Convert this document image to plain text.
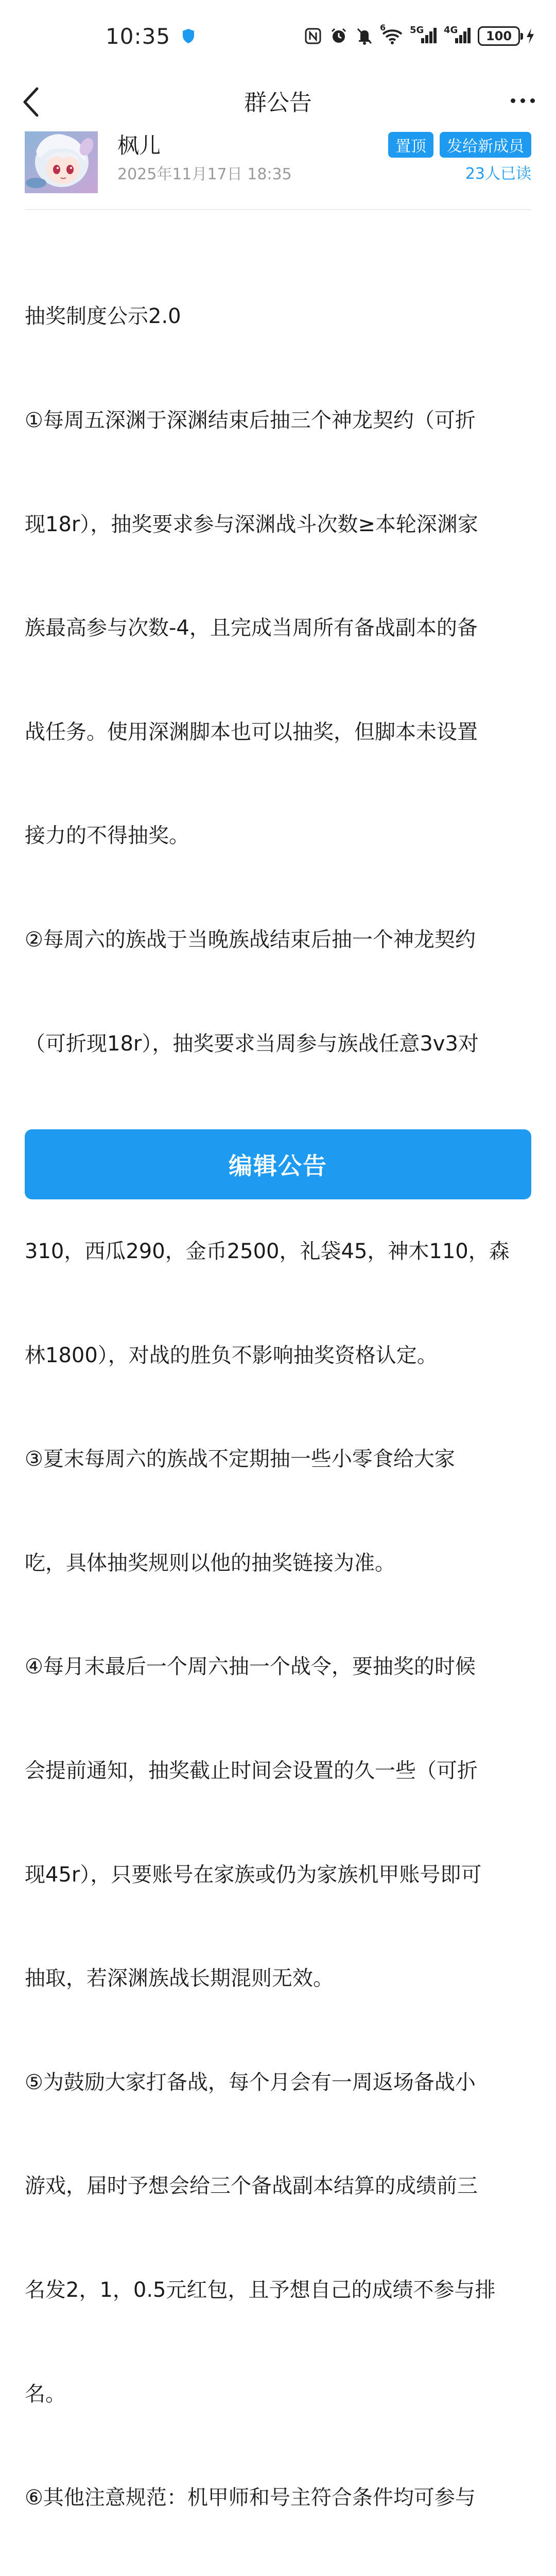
10:35	6	5G 4G	100
群公告
枫儿
2025年11月17日 18:35
置顶	发给新成员
23人已读

抽奖制度公示2.0

①每周五深渊于深渊结束后抽三个神龙契约（可折

现18r），抽奖要求参与深渊战斗次数≥本轮深渊家

族最高参与次数-4，且完成当周所有备战副本的备

战任务。使用深渊脚本也可以抽奖，但脚本未设置

接力的不得抽奖。

②每周六的族战于当晚族战结束后抽一个神龙契约

（可折现18r），抽奖要求当周参与族战任意3v3对

310，西瓜290，金币2500，礼袋45，神木110，森

林1800），对战的胜负不影响抽奖资格认定。

③夏末每周六的族战不定期抽一些小零食给大家

吃，具体抽奖规则以他的抽奖链接为准。

④每月末最后一个周六抽一个战令，要抽奖的时候

会提前通知，抽奖截止时间会设置的久一些（可折

现45r），只要账号在家族或仍为家族机甲账号即可

抽取，若深渊族战长期混则无效。

⑤为鼓励大家打备战，每个月会有一周返场备战小

游戏，届时予想会给三个备战副本结算的成绩前三

名发2，1，0.5元红包，且予想自己的成绩不参与排

名。

⑥其他注意规范：机甲师和号主符合条件均可参与

编辑公告
